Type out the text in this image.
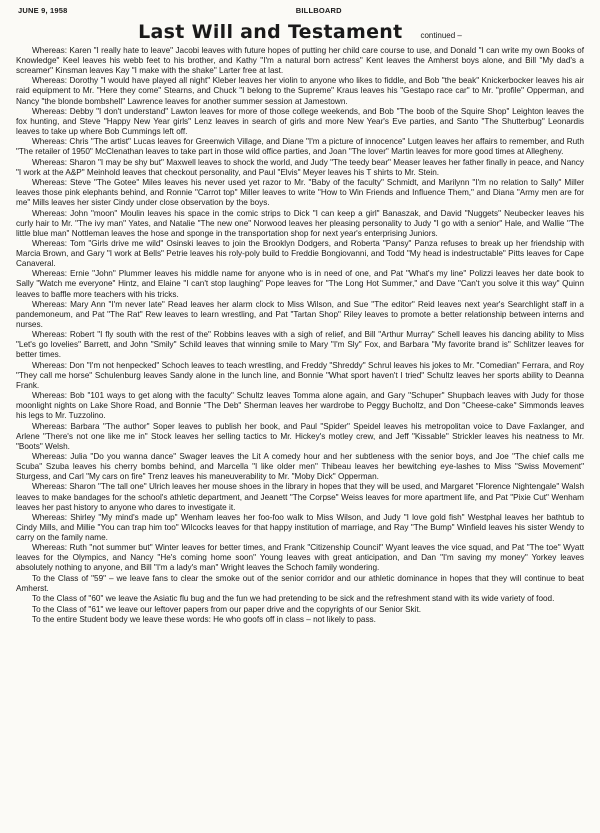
JUNE 9, 1958	BILLBOARD
Last Will and Testament continued –

Whereas: Karen "I really hate to leave" Jacobi leaves with future hopes of putting her child care course to use, and Donald "I can write my own Books of Knowledge" Keel leaves his webb feet to his brother, and Kathy "I'm a natural born actress" Kent leaves the Amherst boys alone, and Bill "My dad's a screamer" Kinsman leaves Kay "I make with the shake" Larter free at last.

Whereas: Dorothy "I would have played all night" Kleber leaves her violin to anyone who likes to fiddle, and Bob "the beak" Knickerbocker leaves his air raid equipment to Mr. "Here they come" Stearns, and Chuck "I belong to the Supreme" Kraus leaves his "Gestapo race car" to Mr. "profile" Opperman, and Nancy "the blonde bombshell" Lawrence leaves for another summer session at Jamestown.

Whereas: Debby "I don't understand" Lawton leaves for more of those college weekends, and Bob "The boob of the Squire Shop" Leighton leaves the fox hunting, and Steve "Happy New Year girls" Lenz leaves in search of girls and more New Year's Eve parties, and Santo "The Shutterbug" Leonardis leaves to take up where Bob Cummings left off.

Whereas: Chris "The artist" Lucas leaves for Greenwich Village, and Diane "I'm a picture of innocence" Lutgen leaves her affairs to remember, and Ruth "The retailer of 1950" McClenathan leaves to take part in those wild office parties, and Joan "The lover" Martin leaves for more good times at Allegheny.

Whereas: Sharon "I may be shy but" Maxwell leaves to shock the world, and Judy "The teedy bear" Measer leaves her father finally in peace, and Nancy "I work at the A&P" Meinhold leaves that checkout personality, and Paul "Elvis" Meyer leaves his T shirts to Mr. Stein.

Whereas: Steve "The Gotee" Miles leaves his never used yet razor to Mr. "Baby of the faculty" Schmidt, and Marilynn "I'm no relation to Sally" Miller leaves those pink elephants behind, and Ronnie "Carrot top" Miller leaves to write "How to Win Friends and Influence Them," and Diana "Army men are for me" Mills leaves her sister Cindy under close observation by the boys.

Whereas: John "moon" Moulin leaves his space in the comic strips to Dick "I can keep a girl" Banaszak, and David "Nuggets" Neubecker leaves his curly hair to Mr. "The ivy man" Yates, and Natalie "The new one" Norwood leaves her pleasing personality to Judy "I go with a senior" Hale, and Wallie "The little blue man" Nottleman leaves the hose and sponge in the transportation shop for next year's enterprising Juniors.

Whereas: Tom "Girls drive me wild" Osinski leaves to join the Brooklyn Dodgers, and Roberta "Pansy" Panza refuses to break up her friendship with Marcia Brown, and Gary "I work at Bells" Petrie leaves his roly-poly build to Freddie Bongiovanni, and Todd "My head is indestructable" Pitts leaves for Cape Canaveral.

Whereas: Ernie "John" Plummer leaves his middle name for anyone who is in need of one, and Pat "What's my line" Polizzi leaves her date book to Sally "Watch me everyone" Hintz, and Elaine "I can't stop laughing" Pope leaves for "The Long Hot Summer," and Dave "Can't you solve it this way" Quinn leaves to baffle more teachers with his tricks.

Whereas: Mary Ann "I'm never late" Read leaves her alarm clock to Miss Wilson, and Sue "The editor" Reid leaves next year's Searchlight staff in a pandemoneum, and Pat "The Rat" Rew leaves to learn wrestling, and Pat "Tartan Shop" Riley leaves to promote a better relationship between interns and nurses.

Whereas: Robert "I fly south with the rest of the" Robbins leaves with a sigh of relief, and Bill "Arthur Murray" Schell leaves his dancing ability to Miss "Let's go lovelies" Barrett, and John "Smily" Schild leaves that winning smile to Mary "I'm Sly" Fox, and Barbara "My favorite brand is" Schlitzer leaves for better times.

Whereas: Don "I'm not henpecked" Schoch leaves to teach wrestling, and Freddy "Shreddy" Schrul leaves his jokes to Mr. "Comedian" Ferrara, and Roy "They call me horse" Schulenburg leaves Sandy alone in the lunch line, and Bonnie "What sport haven't I tried" Schultz leaves her sports ability to Deanna Frank.

Whereas: Bob "101 ways to get along with the faculty" Schultz leaves Tomma alone again, and Gary "Schuper" Shupbach leaves with Judy for those moonlight nights on Lake Shore Road, and Bonnie "The Deb" Sherman leaves her wardrobe to Peggy Bucholtz, and Don "Cheese-cake" Simmonds leaves his legs to Mr. Tuzzolino.

Whereas: Barbara "The author" Soper leaves to publish her book, and Paul "Spider" Speidel leaves his metropolitan voice to Dave Faxlanger, and Arlene "There's not one like me in" Stock leaves her selling tactics to Mr. Hickey's motley crew, and Jeff "Kissable" Strickler leaves his neatness to Mr. "Boots" Welsh.

Whereas: Julia "Do you wanna dance" Swager leaves the Lit A comedy hour and her subtleness with the senior boys, and Joe "The chief calls me Scuba" Szuba leaves his cherry bombs behind, and Marcella "I like older men" Thibeau leaves her bewitching eye-lashes to Miss "Swiss Movement" Sturgess, and Carl "My cars on fire" Trenz leaves his maneuverability to Mr. "Moby Dick" Opperman.

Whereas: Sharon "The tall one" Ulrich leaves her mouse shoes in the library in hopes that they will be used, and Margaret "Florence Nightengale" Walsh leaves to make bandages for the school's athletic department, and Jeanett "The Corpse" Weiss leaves for more apartment life, and Pat "Pixie Cut" Wenham leaves her past history to anyone who dares to investigate it.

Whereas: Shirley "My mind's made up" Wenham leaves her foo-foo walk to Miss Wilson, and Judy "I love gold fish" Westphal leaves her bathtub to Cindy Mills, and Millie "You can trap him too" Wilcocks leaves for that happy institution of marriage, and Ray "The Bump" Winfield leaves his sister Wendy to carry on the family name.

Whereas: Ruth "not summer but" Winter leaves for better times, and Frank "Citizenship Council" Wyant leaves the vice squad, and Pat "The toe" Wyatt leaves for the Olympics, and Nancy "He's coming home soon" Young leaves with great anticipation, and Dan "I'm saving my money" Yorkey leaves absolutely nothing to anyone, and Bill "I'm a lady's man" Wright leaves the Schoch family wondering.

To the Class of "59" – we leave fans to clear the smoke out of the senior corridor and our athletic dominance in hopes that they will continue to beat Amherst.

To the Class of "60" we leave the Asiatic flu bug and the fun we had pretending to be sick and the refreshment stand with its wide variety of food.

To the Class of "61" we leave our leftover papers from our paper drive and the copyrights of our Senior Skit.

To the entire Student body we leave these words: He who goofs off in class – not likely to pass.
